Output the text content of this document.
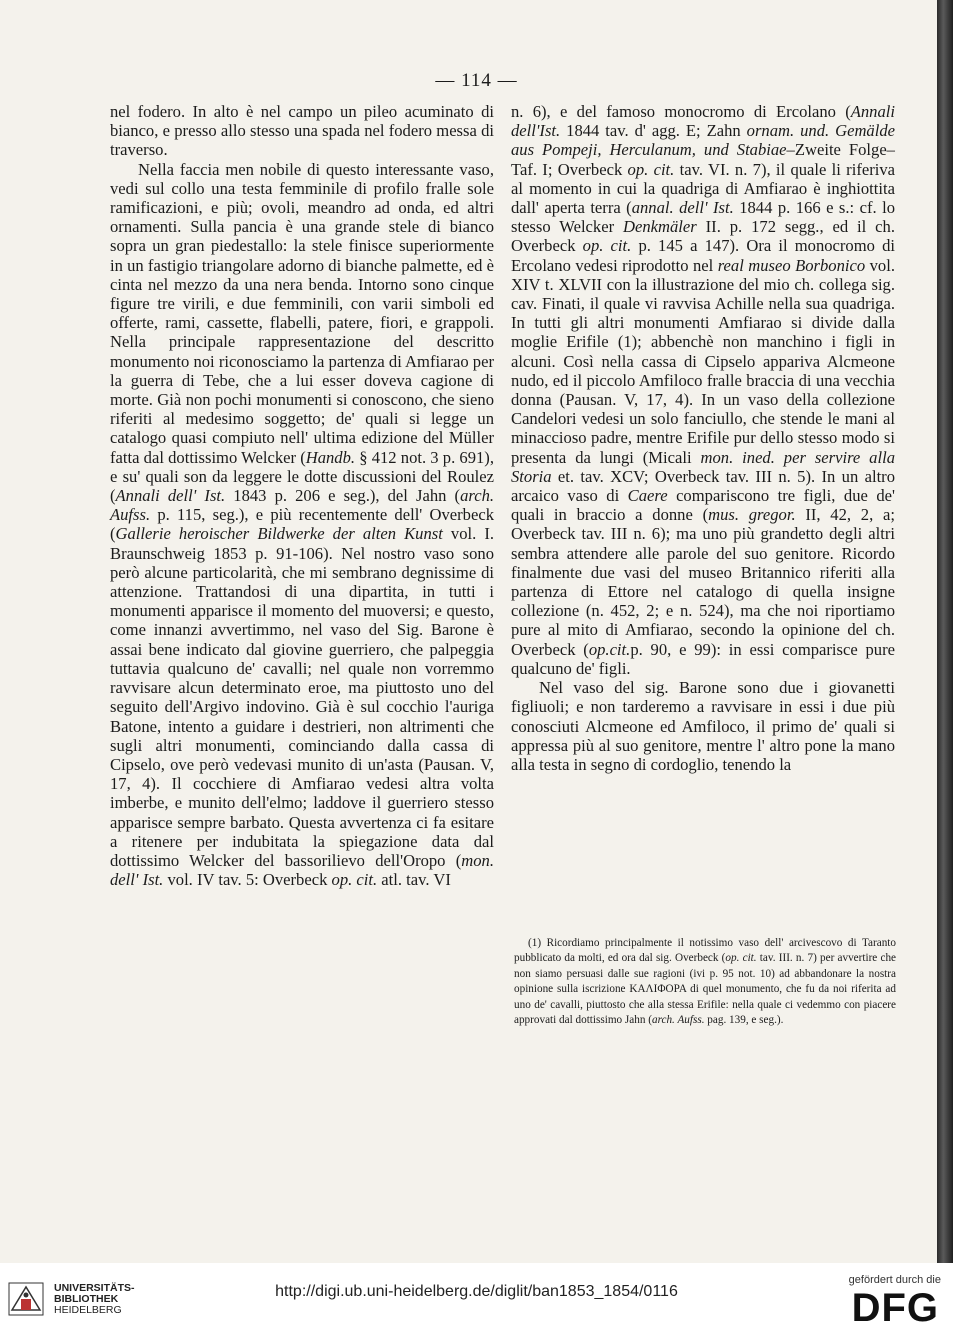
— 114 —

nel fodero. In alto è nel campo un pileo acuminato di bianco, e presso allo stesso una spada nel fodero messa di traverso.

Nella faccia men nobile di questo interessante vaso, vedi sul collo una testa femminile di profilo fralle sole ramificazioni, e più; ovoli, meandro ad onda, ed altri ornamenti. Sulla pancia è una grande stele di bianco sopra un gran piedestallo: la stele finisce superiormente in un fastigio triangolare adorno di bianche palmette, ed è cinta nel mezzo da una nera benda. Intorno sono cinque figure tre virili, e due femminili, con varii simboli ed offerte, rami, cassette, flabelli, patere, fiori, e grappoli. Nella principale rappresentazione del descritto monumento noi riconosciamo la partenza di Amfiarao per la guerra di Tebe, che a lui esser doveva cagione di morte. Già non pochi monumenti si conoscono, che sieno riferiti al medesimo soggetto; de' quali si legge un catalogo quasi compiuto nell' ultima edizione del Müller fatta dal dottissimo Welcker (Handb. § 412 not. 3 p. 691), e su' quali son da leggere le dotte discussioni del Roulez (Annali dell' Ist. 1843 p. 206 e seg.), del Jahn (arch. Aufss. p. 115, seg.), e più recentemente dell' Overbeck (Gallerie heroischer Bildwerke der alten Kunst vol. I. Braunschweig 1853 p. 91-106). Nel nostro vaso sono però alcune particolarità, che mi sembrano degnissime di attenzione. Trattandosi di una dipartita, in tutti i monumenti apparisce il momento del muoversi; e questo, come innanzi avvertimmo, nel vaso del Sig. Barone è assai bene indicato dal giovine guerriero, che palpeggia tuttavia qualcuno de' cavalli; nel quale non vorremmo ravvisare alcun determinato eroe, ma piuttosto uno del seguito dell'Argivo indovino. Già è sul cocchio l'auriga Batone, intento a guidare i destrieri, non altrimenti che sugli altri monumenti, cominciando dalla cassa di Cipselo, ove però vedevasi munito di un'asta (Pausan. V, 17, 4). Il cocchiere di Amfiarao vedesi altra volta imberbe, e munito dell'elmo; laddove il guerriero stesso apparisce sempre barbato. Questa avvertenza ci fa esitare a ritenere per indubitata la spiegazione data dal dottissimo Welcker del bassorilievo dell'Oropo (mon. dell' Ist. vol. IV tav. 5: Overbeck op. cit. atl. tav. VI

n. 6), e del famoso monocromo di Ercolano (Annali dell'Ist. 1844 tav. d' agg. E; Zahn ornam. und. Gemälde aus Pompeji, Herculanum, und Stabiae–Zweite Folge–Taf. I; Overbeck op. cit. tav. VI. n. 7), il quale li riferiva al momento in cui la quadriga di Amfiarao è inghiottita dall' aperta terra (annal. dell' Ist. 1844 p. 166 e s.: cf. lo stesso Welcker Denkmäler II. p. 172 segg., ed il ch. Overbeck op. cit. p. 145 a 147). Ora il monocromo di Ercolano vedesi riprodotto nel real museo Borbonico vol. XIV t. XLVII con la illustrazione del mio ch. collega sig. cav. Finati, il quale vi ravvisa Achille nella sua quadriga. In tutti gli altri monumenti Amfiarao si divide dalla moglie Erifile (1); abbenchè non manchino i figli in alcuni. Così nella cassa di Cipselo appariva Alcmeone nudo, ed il piccolo Amfiloco fralle braccia di una vecchia donna (Pausan. V, 17, 4). In un vaso della collezione Candelori vedesi un solo fanciullo, che stende le mani al minaccioso padre, mentre Erifile pur dello stesso modo si presenta da lungi (Micali mon. ined. per servire alla Storia et. tav. XCV; Overbeck tav. III n. 5). In un altro arcaico vaso di Caere compariscono tre figli, due de' quali in braccio a donne (mus. gregor. II, 42, 2, a; Overbeck tav. III n. 6); ma uno più grandetto degli altri sembra attendere alle parole del suo genitore. Ricordo finalmente due vasi del museo Britannico riferiti alla partenza di Ettore nel catalogo di quella insigne collezione (n. 452, 2; e n. 524), ma che noi riportiamo pure al mito di Amfiarao, secondo la opinione del ch. Overbeck (op.cit.p. 90, e 99): in essi comparisce pure qualcuno de' figli.

Nel vaso del sig. Barone sono due i giovanetti figliuoli; e non tarderemo a ravvisare in essi i due più conosciuti Alcmeone ed Amfiloco, il primo de' quali si appressa più al suo genitore, mentre l' altro pone la mano alla testa in segno di cordoglio, tenendo la

(1) Ricordiamo principalmente il notissimo vaso dell' arcivescovo di Taranto pubblicato da molti, ed ora dal sig. Overbeck (op. cit. tav. III. n. 7) per avvertire che non siamo persuasi dalle sue ragioni (ivi p. 95 not. 10) ad abbandonare la nostra opinione sulla iscrizione ΚΑΛΙΦΟΡΑ di quel monumento, che fu da noi riferita ad uno de' cavalli, piuttosto che alla stessa Erifile: nella quale ci vedemmo con piacere approvati dal dottissimo Jahn (arch. Aufss. pag. 139, e seg.).

UNIVERSITÄTS-
BIBLIOTHEK
HEIDELBERG
http://digi.ub.uni-heidelberg.de/diglit/ban1853_1854/0116
gefördert durch die
DFG
